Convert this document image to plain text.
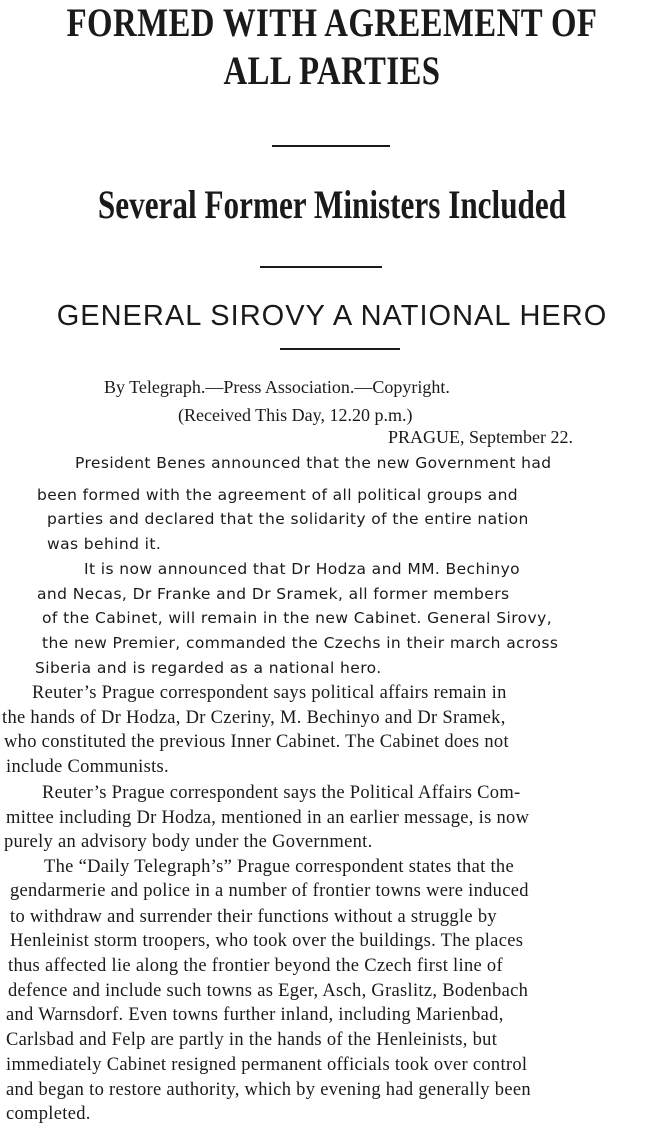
FORMED WITH AGREEMENT OF
ALL PARTIES
Several Former Ministers Included
GENERAL SIROVY A NATIONAL HERO
By Telegraph.—Press Association.—Copyright.
(Received This Day, 12.20 p.m.)
PRAGUE, September 22.
President Benes announced that the new Government had
been formed with the agreement of all political groups and
parties and declared that the solidarity of the entire nation
was behind it.
It is now announced that Dr Hodza and MM. Bechinyo
and Necas, Dr Franke and Dr Sramek, all former members
of the Cabinet, will remain in the new Cabinet. General Sirovy,
the new Premier, commanded the Czechs in their march across
Siberia and is regarded as a national hero.
Reuter’s Prague correspondent says political affairs remain in
the hands of Dr Hodza, Dr Czeriny, M. Bechinyo and Dr Sramek,
who constituted the previous Inner Cabinet. The Cabinet does not
include Communists.
Reuter’s Prague correspondent says the Political Affairs Com-
mittee including Dr Hodza, mentioned in an earlier message, is now
purely an advisory body under the Government.
The “Daily Telegraph’s” Prague correspondent states that the
gendarmerie and police in a number of frontier towns were induced
to withdraw and surrender their functions without a struggle by
Henleinist storm troopers, who took over the buildings. The places
thus affected lie along the frontier beyond the Czech first line of
defence and include such towns as Eger, Asch, Graslitz, Bodenbach
and Warnsdorf. Even towns further inland, including Marienbad,
Carlsbad and Felp are partly in the hands of the Henleinists, but
immediately Cabinet resigned permanent officials took over control
and began to restore authority, which by evening had generally been
completed.
